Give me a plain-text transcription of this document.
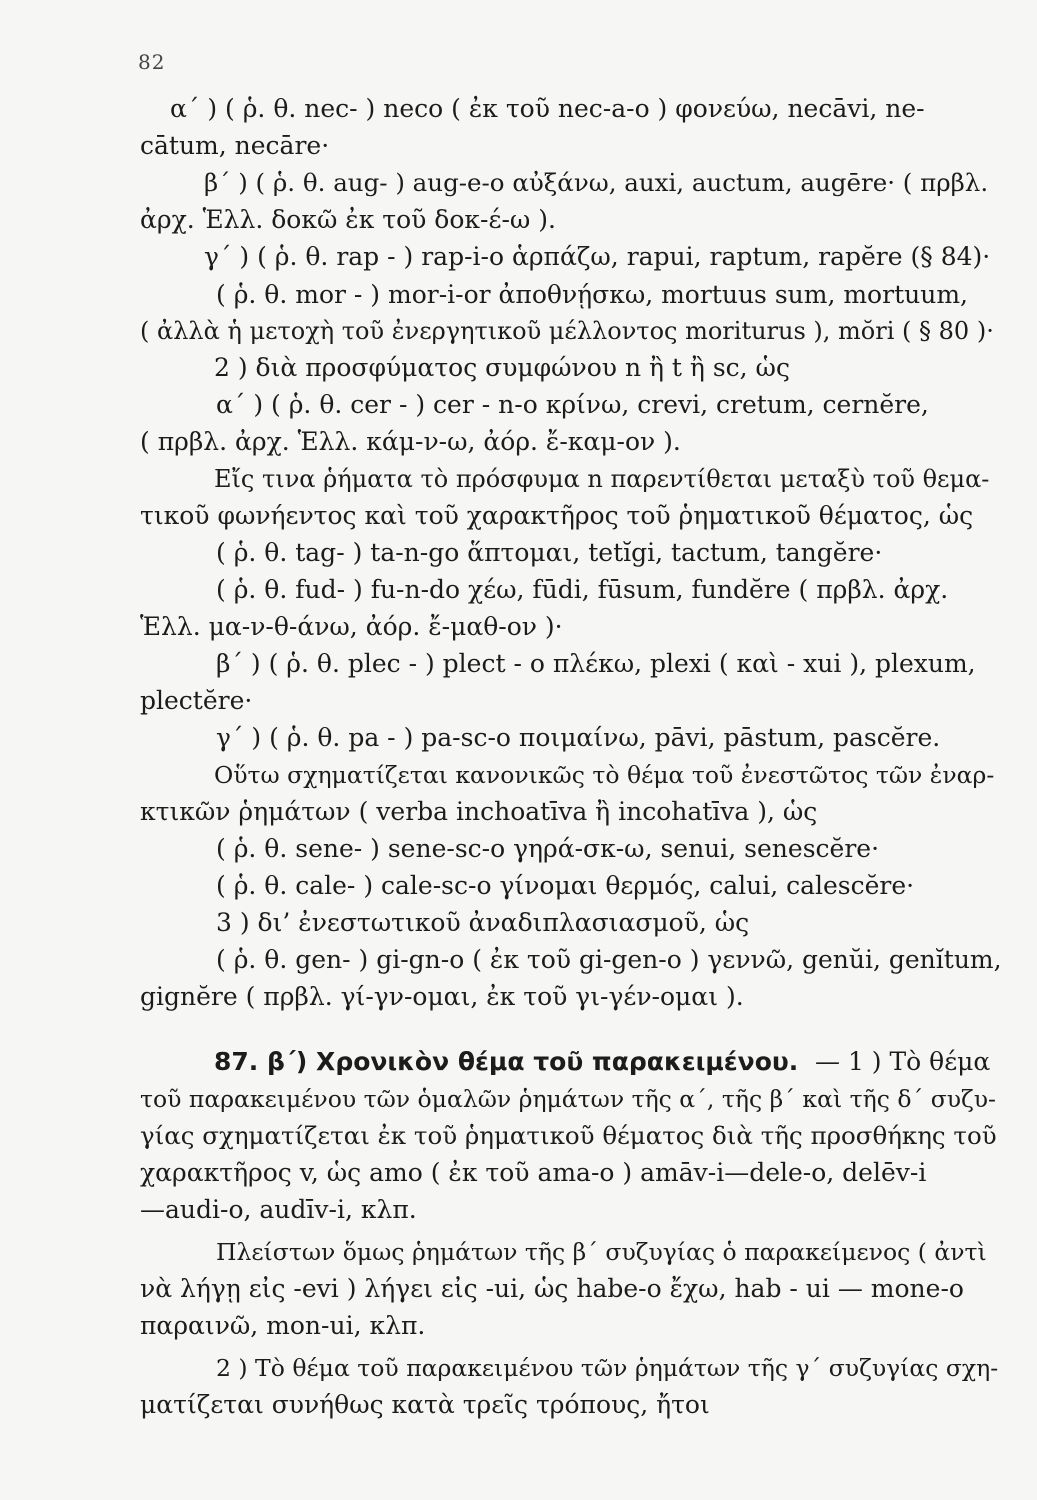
82
α΄ ) ( ῥ. θ. nec- ) neco ( ἐκ τοῦ nec-a-o ) φονεύω, necāvi, ne-
cātum, necāre·
β΄ ) ( ῥ. θ. aug- ) aug-e-o αὐξάνω, auxi, auctum, augēre· ( πρβλ.
ἀρχ. Ἑλλ. δοκῶ ἐκ τοῦ δοκ-έ-ω ).
γ΄ ) ( ῥ. θ. rap - ) rap-i-o ἁρπάζω, rapui, raptum, rapĕre (§ 84)·
( ῥ. θ. mor - ) mor-i-or ἀποθνῄσκω, mortuus sum, mortuum,
( ἀλλὰ ἡ μετοχὴ τοῦ ἐνεργητικοῦ μέλλοντος moriturus ), mŏri ( § 80 )·
2 ) διὰ προσφύματος συμφώνου n ἢ t ἢ sc, ὡς
α΄ ) ( ῥ. θ. cer - ) cer - n-o κρίνω, crevi, cretum, cernĕre,
( πρβλ. ἀρχ. Ἑλλ. κάμ-ν-ω, ἀόρ. ἔ-καμ-ον ).
Εἴς τινα ῥήματα τὸ πρόσφυμα n παρεντίθεται μεταξὺ τοῦ θεμα-
τικοῦ φωνήεντος καὶ τοῦ χαρακτῆρος τοῦ ῥηματικοῦ θέματος, ὡς
( ῥ. θ. tag- ) ta-n-go ἅπτομαι, tetĭgi, tactum, tangĕre·
( ῥ. θ. fud- ) fu-n-do χέω, fūdi, fūsum, fundĕre ( πρβλ. ἀρχ.
Ἑλλ. μα-ν-θ-άνω, ἀόρ. ἔ-μαθ-ον )·
β΄ ) ( ῥ. θ. plec - ) plect - o πλέκω, plexi ( καὶ - xui ), plexum,
plectĕre·
γ΄ ) ( ῥ. θ. pa - ) pa-sc-o ποιμαίνω, pāvi, pāstum, pascĕre.
Οὕτω σχηματίζεται κανονικῶς τὸ θέμα τοῦ ἐνεστῶτος τῶν ἐναρ-
κτικῶν ῥημάτων ( verba inchoatīva ἢ incohatīva ), ὡς
( ῥ. θ. sene- ) sene-sc-o γηρά-σκ-ω, senui, senescĕre·
( ῥ. θ. cale- ) cale-sc-o γίνομαι θερμός, calui, calescĕre·
3 ) δι’ ἐνεστωτικοῦ ἀναδιπλασιασμοῦ, ὡς
( ῥ. θ. gen- ) gi-gn-o ( ἐκ τοῦ gi-gen-o ) γεννῶ, genŭi, genĭtum,
gignĕre ( πρβλ. γί-γν-ομαι, ἐκ τοῦ γι-γέν-ομαι ).
87. β΄) Χρονικὸν θέμα τοῦ παρακειμένου. — 1 ) Τὸ θέμα
τοῦ παρακειμένου τῶν ὁμαλῶν ῥημάτων τῆς α΄, τῆς β΄ καὶ τῆς δ΄ συζυ-
γίας σχηματίζεται ἐκ τοῦ ῥηματικοῦ θέματος διὰ τῆς προσθήκης τοῦ
χαρακτῆρος v, ὡς amo ( ἐκ τοῦ ama-o ) amāv-i—dele-o, delēv-i
—audi-o, audīv-i, κλπ.
Πλείστων ὅμως ῥημάτων τῆς β΄ συζυγίας ὁ παρακείμενος ( ἀντὶ
νὰ λήγῃ εἰς -evi ) λήγει εἰς -ui, ὡς habe-o ἔχω, hab - ui — mone-o
παραινῶ, mon-ui, κλπ.
2 ) Τὸ θέμα τοῦ παρακειμένου τῶν ῥημάτων τῆς γ΄ συζυγίας σχη-
ματίζεται συνήθως κατὰ τρεῖς τρόπους, ἤτοι
